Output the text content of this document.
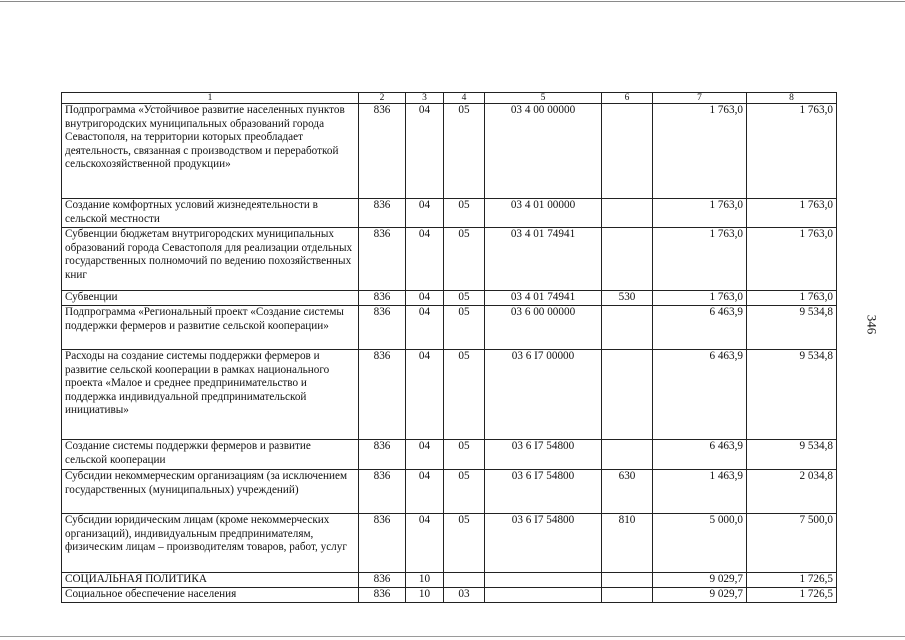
346
1	2	3	4	5	6	7	8
Подпрограмма «Устойчивое развитие населенных пунктов внутригородских муниципальных образований города Севастополя, на территории которых преобладает деятельность, связанная с производством и переработкой сельскохозяйственной продукции»	836	04	05	03 4 00 00000		1 763,0	1 763,0
Создание комфортных условий жизнедеятельности в сельской местности	836	04	05	03 4 01 00000		1 763,0	1 763,0
Субвенции бюджетам внутригородских муниципальных образований города Севастополя для реализации отдельных государственных полномочий по ведению похозяйственных книг	836	04	05	03 4 01 74941		1 763,0	1 763,0
Субвенции	836	04	05	03 4 01 74941	530	1 763,0	1 763,0
Подпрограмма «Региональный проект «Создание системы поддержки фермеров и развитие сельской кооперации»	836	04	05	03 6 00 00000		6 463,9	9 534,8
Расходы на создание системы поддержки фермеров и развитие сельской кооперации в рамках национального проекта «Малое и среднее предпринимательство и поддержка индивидуальной предпринимательской инициативы»	836	04	05	03 6 I7 00000		6 463,9	9 534,8
Создание системы поддержки фермеров и развитие сельской кооперации	836	04	05	03 6 I7 54800		6 463,9	9 534,8
Субсидии некоммерческим организациям (за исключением государственных (муниципальных) учреждений)	836	04	05	03 6 I7 54800	630	1 463,9	2 034,8
Субсидии юридическим лицам (кроме некоммерческих организаций), индивидуальным предпринимателям, физическим лицам – производителям товаров, работ, услуг	836	04	05	03 6 I7 54800	810	5 000,0	7 500,0
СОЦИАЛЬНАЯ ПОЛИТИКА	836	10				9 029,7	1 726,5
Социальное обеспечение населения	836	10	03			9 029,7	1 726,5
